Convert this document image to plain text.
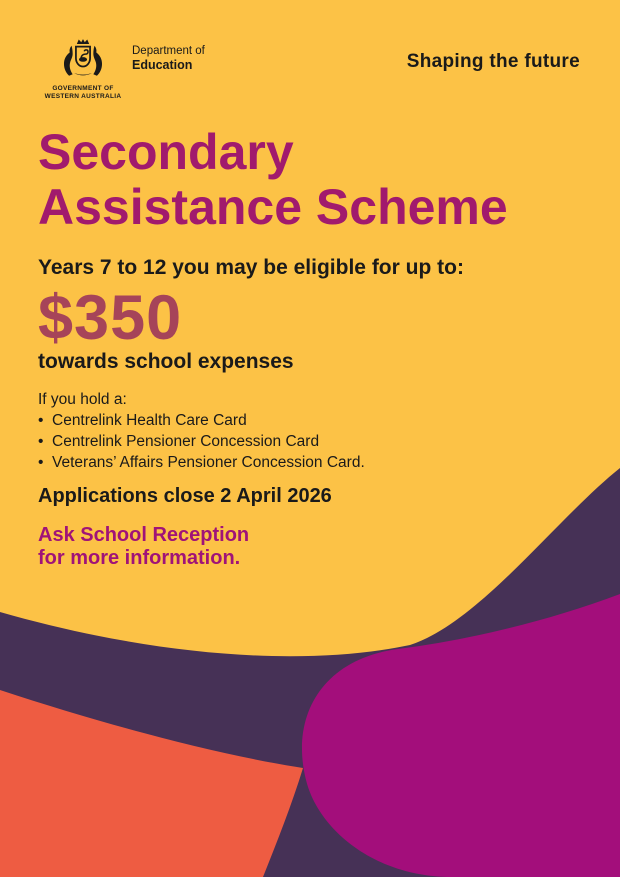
GOVERNMENT OF
WESTERN AUSTRALIA
Department of
Education	Shaping the future
Secondary
Assistance Scheme
Years 7 to 12 you may be eligible for up to:
$350
towards school expenses
If you hold a:
• Centrelink Health Care Card
• Centrelink Pensioner Concession Card
• Veterans’ Affairs Pensioner Concession Card.
Applications close 2 April 2026
Ask School Reception
for more information.
